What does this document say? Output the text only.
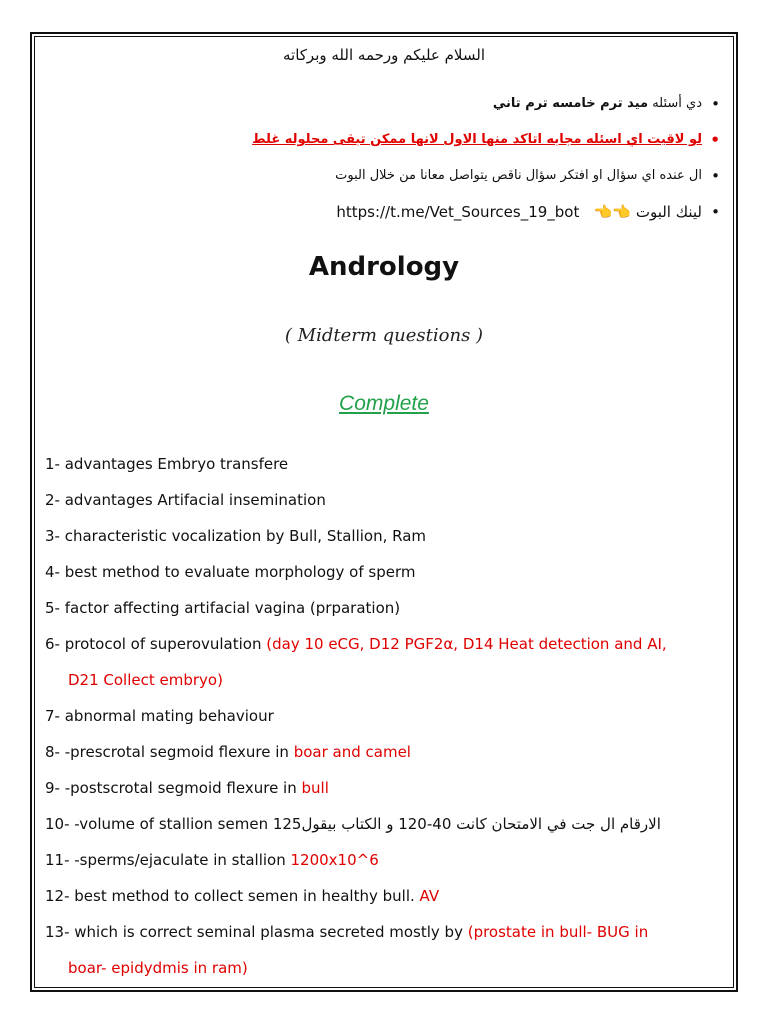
السلام عليكم ورحمه الله وبركاته
• دي أسئله ميد ترم خامسه ترم تاني
• لو لاقيت اي اسئله مجابه اتاكد منها الاول لانها ممكن تبقى محلوله غلط
• ال عنده اي سؤال او افتكر سؤال ناقص يتواصل معانا من خلال البوت
• لينك البوت 👈👈   https://t.me/Vet_Sources_19_bot
Andrology
( Midterm questions )
Complete
1- advantages Embryo transfere
2- advantages Artifacial insemination
3- characteristic vocalization by Bull, Stallion, Ram
4- best method to evaluate morphology of sperm
5- factor affecting artifacial vagina (prparation)
6- protocol of superovulation (day 10 eCG, D12 PGF2α, D14 Heat detection and AI,
D21 Collect embryo)
7- abnormal mating behaviour
8- -prescrotal segmoid flexure in boar and camel
9- -postscrotal segmoid flexure in bull
10- -volume of stallion semen الارقام ال جت في الامتحان كانت 40-120 و الكتاب بيقول125
11- -sperms/ejaculate in stallion 1200x10^6
12- best method to collect semen in healthy bull. AV
13- which is correct seminal plasma secreted mostly by (prostate in bull- BUG in
boar- epidydmis in ram)
